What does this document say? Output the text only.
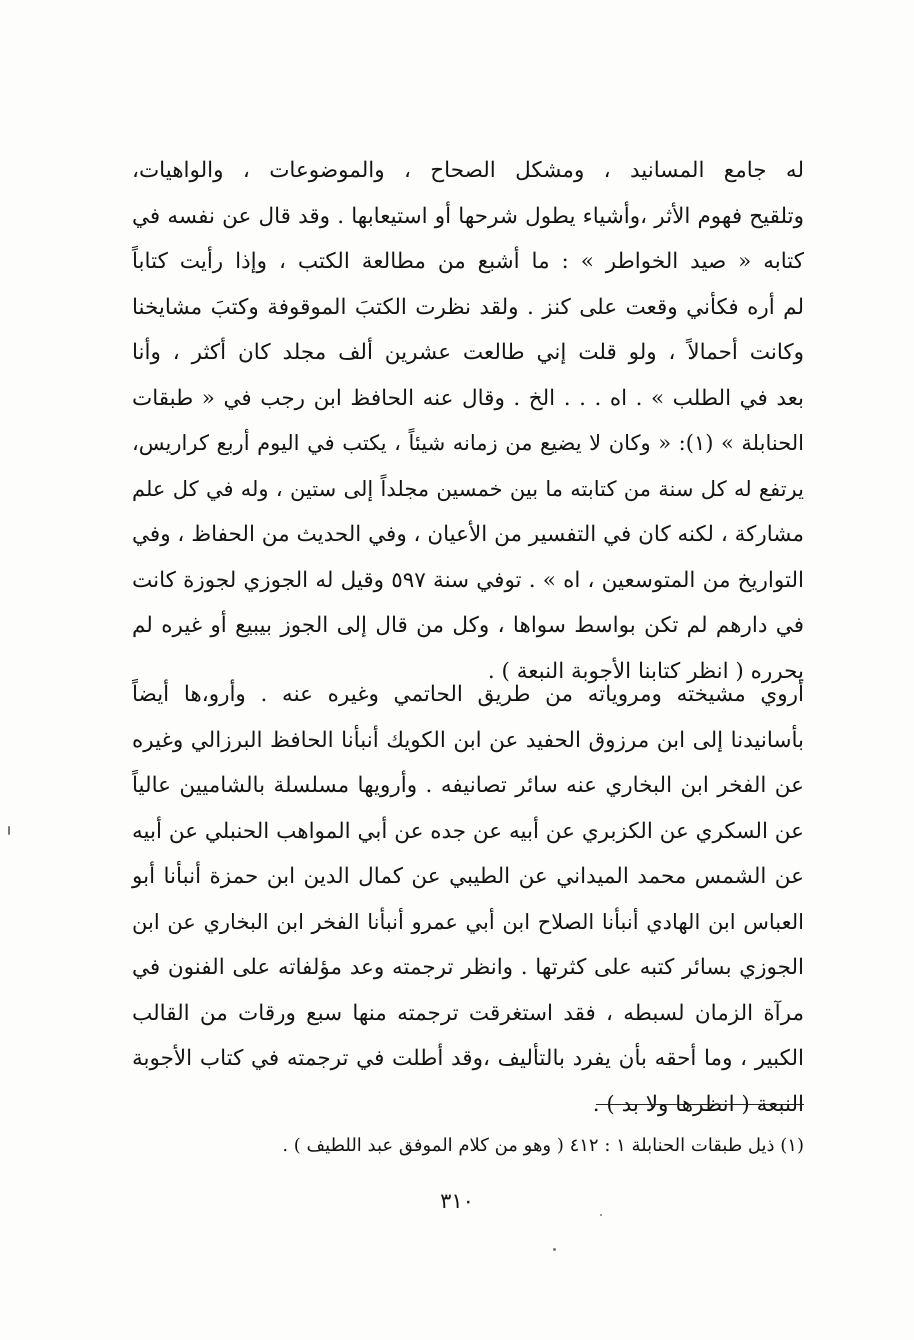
له جامع المسانيد ، ومشكل الصحاح ، والموضوعات ، والواهيات،
وتلقيح فهوم الأثر ،وأشياء يطول شرحها أو استيعابها . وقد قال عن نفسه في
كتابه « صيد الخواطر » : ما أشبع من مطالعة الكتب ، وإذا رأيت كتاباً
لم أره فكأني وقعت على كنز . ولقد نظرت الكتبَ الموقوفة وكتبَ مشايخنا
وكانت أحمالاً ، ولو قلت إني طالعت عشرين ألف مجلد كان أكثر ، وأنا
بعد في الطلب » . اه . . . الخ . وقال عنه الحافظ ابن رجب في « طبقات
الحنابلة » (١): « وكان لا يضيع من زمانه شيئاً ، يكتب في اليوم أربع كراريس،
يرتفع له كل سنة من كتابته ما بين خمسين مجلداً إلى ستين ، وله في كل علم
مشاركة ، لكنه كان في التفسير من الأعيان ، وفي الحديث من الحفاظ ، وفي
التواريخ من المتوسعين ، اه » . توفي سنة ٥٩٧ وقيل له الجوزي لجوزة كانت
في دارهم لم تكن بواسط سواها ، وكل من قال إلى الجوز بيبيع أو غيره لم
يحرره ( انظر كتابنا الأجوبة النبعة ) .
أروي مشيخته ومروياته من طريق الحاتمي وغيره عنه . وأرو،ها أيضاً
بأسانيدنا إلى ابن مرزوق الحفيد عن ابن الكويك أنبأنا الحافظ البرزالي وغيره
عن الفخر ابن البخاري عنه سائر تصانيفه . وأرويها مسلسلة بالشاميين عالياً
عن السكري عن الكزبري عن أبيه عن جده عن أبي المواهب الحنبلي عن أبيه
عن الشمس محمد الميداني عن الطيبي عن كمال الدين ابن حمزة أنبأنا أبو
العباس ابن الهادي أنبأنا الصلاح ابن أبي عمرو أنبأنا الفخر ابن البخاري عن ابن
الجوزي بسائر كتبه على كثرتها . وانظر ترجمته وعد مؤلفاته على الفنون في
مرآة الزمان لسبطه ، فقد استغرقت ترجمته منها سبع ورقات من القالب
الكبير ، وما أحقه بأن يفرد بالتأليف ،وقد أطلت في ترجمته في كتاب الأجوبة
النبعة ( انظرها ولا بد ) .
(١) ذيل طبقات الحنابلة ١ : ٤١٢ ( وهو من كلام الموفق عبد اللطيف ) .
٣١٠
